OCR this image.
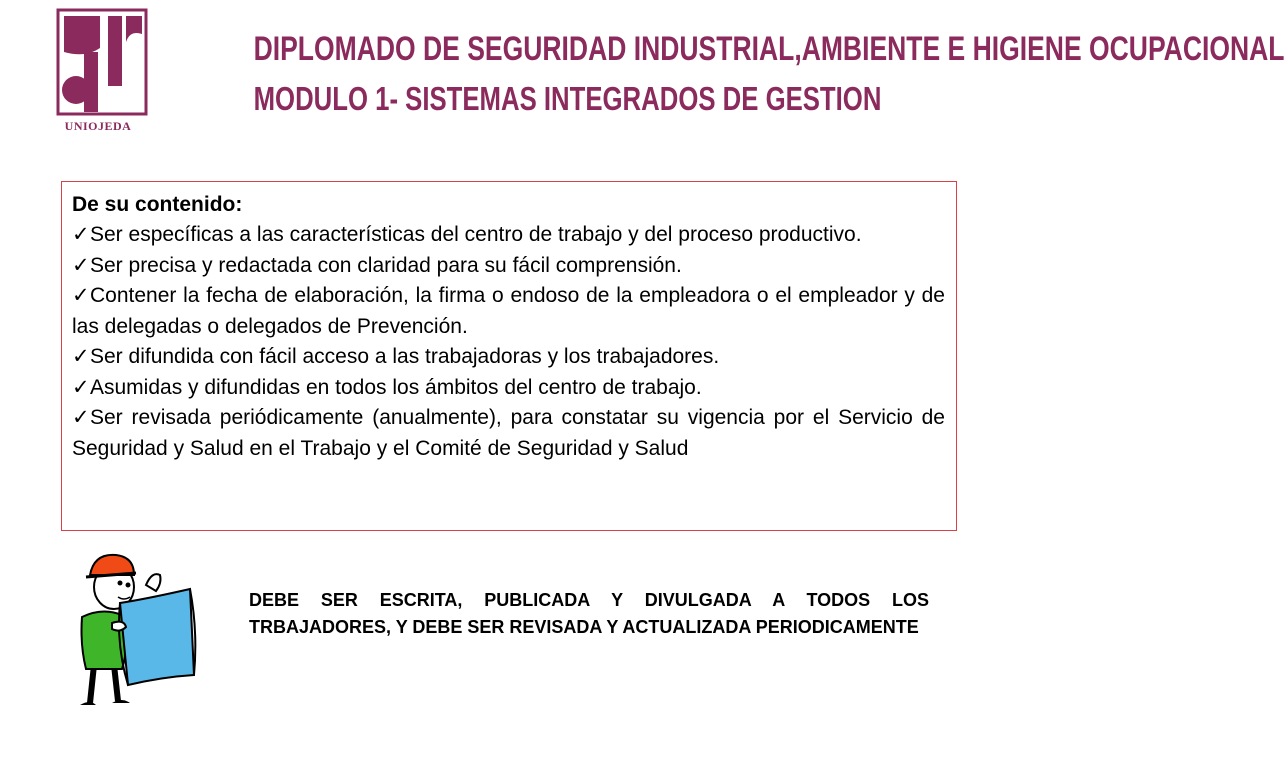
UNIOJEDA
DIPLOMADO DE SEGURIDAD INDUSTRIAL,AMBIENTE E HIGIENE OCUPACIONAL
MODULO 1- SISTEMAS INTEGRADOS DE GESTION
De su contenido:
✓Ser específicas a las características del centro de trabajo y del proceso productivo.
✓Ser precisa y redactada con claridad para su fácil comprensión.
✓Contener la fecha de elaboración, la firma o endoso de la empleadora o el empleador y de las delegadas o delegados de Prevención.
✓Ser difundida con fácil acceso a las trabajadoras y los trabajadores.
✓Asumidas y difundidas en todos los ámbitos del centro de trabajo.
✓Ser revisada periódicamente (anualmente), para constatar su vigencia por el Servicio de Seguridad y Salud en el Trabajo y el Comité de Seguridad y Salud
DEBE SER ESCRITA, PUBLICADA Y DIVULGADA A TODOS LOS TRBAJADORES, Y DEBE SER REVISADA Y ACTUALIZADA PERIODICAMENTE
